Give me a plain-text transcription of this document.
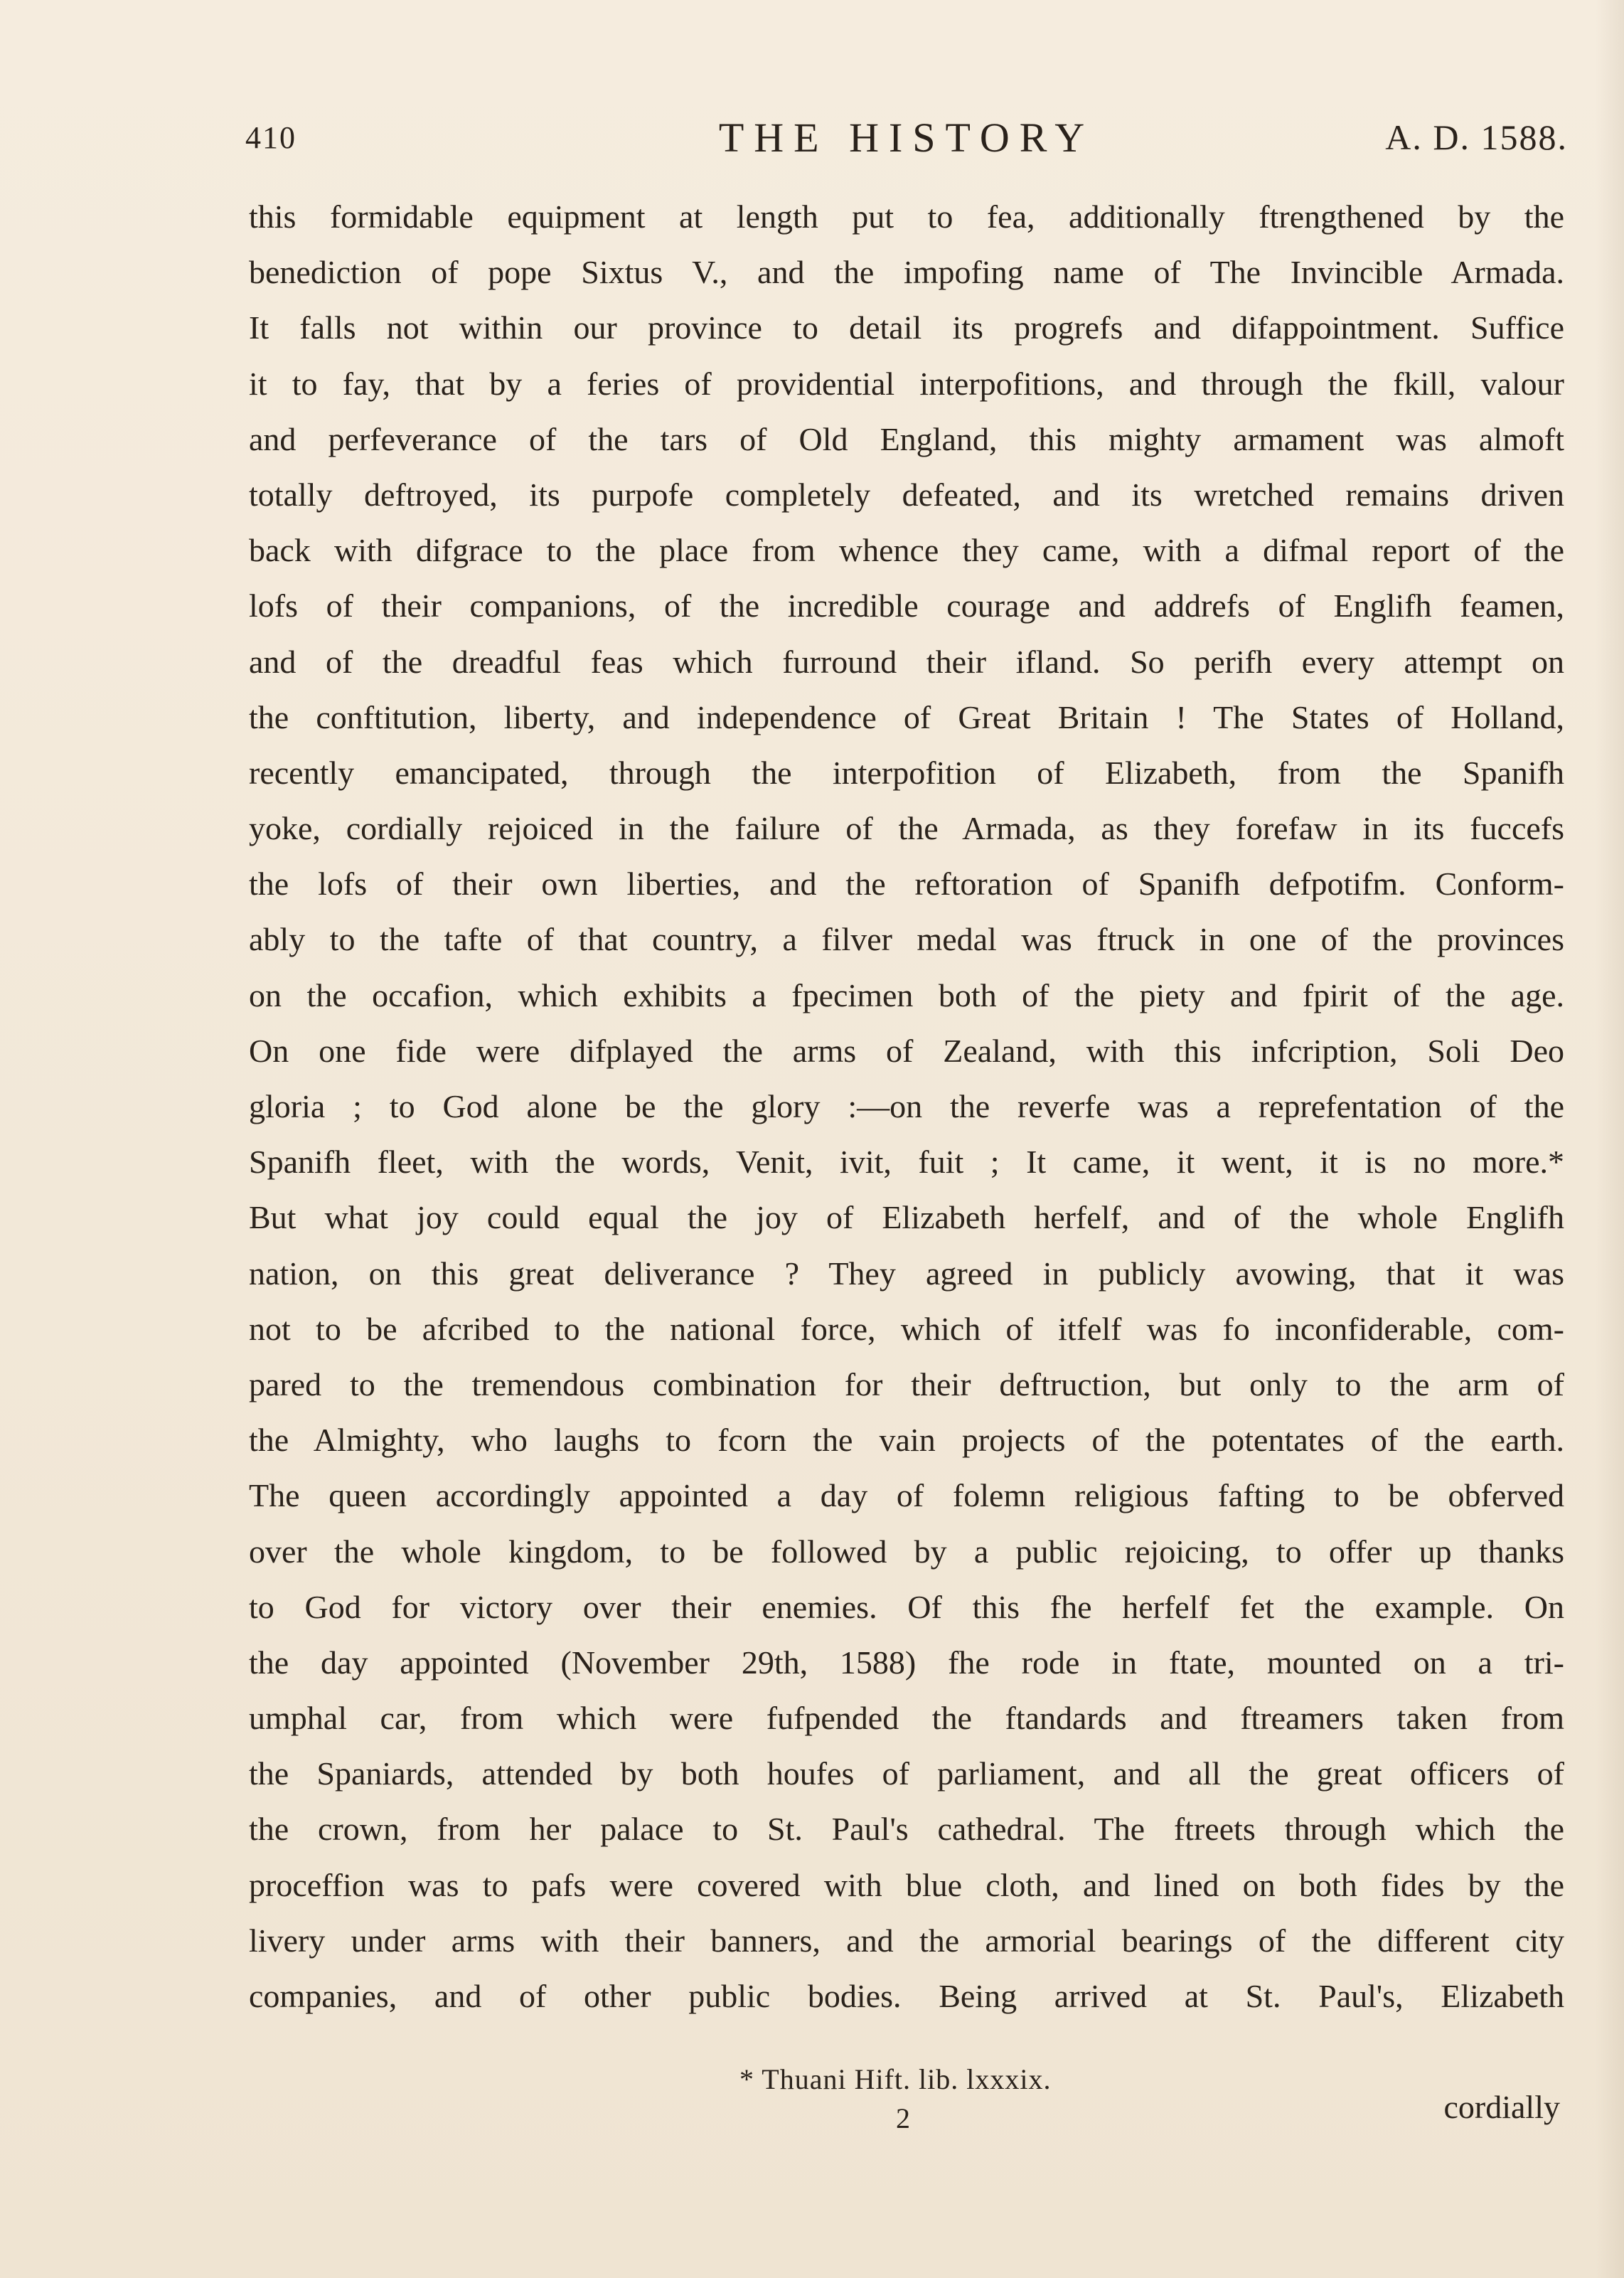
410	THE HISTORY	A. D. 1588.
this formidable equipment at length put to fea, additionally ftrengthened by the
benediction of pope Sixtus V., and the impofing name of The Invincible Armada.
It falls not within our province to detail its progrefs and difappointment. Suffice
it to fay, that by a feries of providential interpofitions, and through the fkill, valour
and perfeverance of the tars of Old England, this mighty armament was almoft
totally deftroyed, its purpofe completely defeated, and its wretched remains driven
back with difgrace to the place from whence they came, with a difmal report of the
lofs of their companions, of the incredible courage and addrefs of Englifh feamen,
and of the dreadful feas which furround their ifland. So perifh every attempt on
the conftitution, liberty, and independence of Great Britain ! The States of Holland,
recently emancipated, through the interpofition of Elizabeth, from the Spanifh
yoke, cordially rejoiced in the failure of the Armada, as they forefaw in its fuccefs
the lofs of their own liberties, and the reftoration of Spanifh defpotifm. Conform-
ably to the tafte of that country, a filver medal was ftruck in one of the provinces
on the occafion, which exhibits a fpecimen both of the piety and fpirit of the age.
On one fide were difplayed the arms of Zealand, with this infcription, Soli Deo
gloria ; to God alone be the glory :—on the reverfe was a reprefentation of the
Spanifh fleet, with the words, Venit, ivit, fuit ; It came, it went, it is no more.*
But what joy could equal the joy of Elizabeth herfelf, and of the whole Englifh
nation, on this great deliverance ? They agreed in publicly avowing, that it was
not to be afcribed to the national force, which of itfelf was fo inconfiderable, com-
pared to the tremendous combination for their deftruction, but only to the arm of
the Almighty, who laughs to fcorn the vain projects of the potentates of the earth.
The queen accordingly appointed a day of folemn religious fafting to be obferved
over the whole kingdom, to be followed by a public rejoicing, to offer up thanks
to God for victory over their enemies. Of this fhe herfelf fet the example. On
the day appointed (November 29th, 1588) fhe rode in ftate, mounted on a tri-
umphal car, from which were fufpended the ftandards and ftreamers taken from
the Spaniards, attended by both houfes of parliament, and all the great officers of
the crown, from her palace to St. Paul's cathedral. The ftreets through which the
proceffion was to pafs were covered with blue cloth, and lined on both fides by the
livery under arms with their banners, and the armorial bearings of the different city
companies, and of other public bodies. Being arrived at St. Paul's, Elizabeth
* Thuani Hift. lib. lxxxix.
2	cordially
